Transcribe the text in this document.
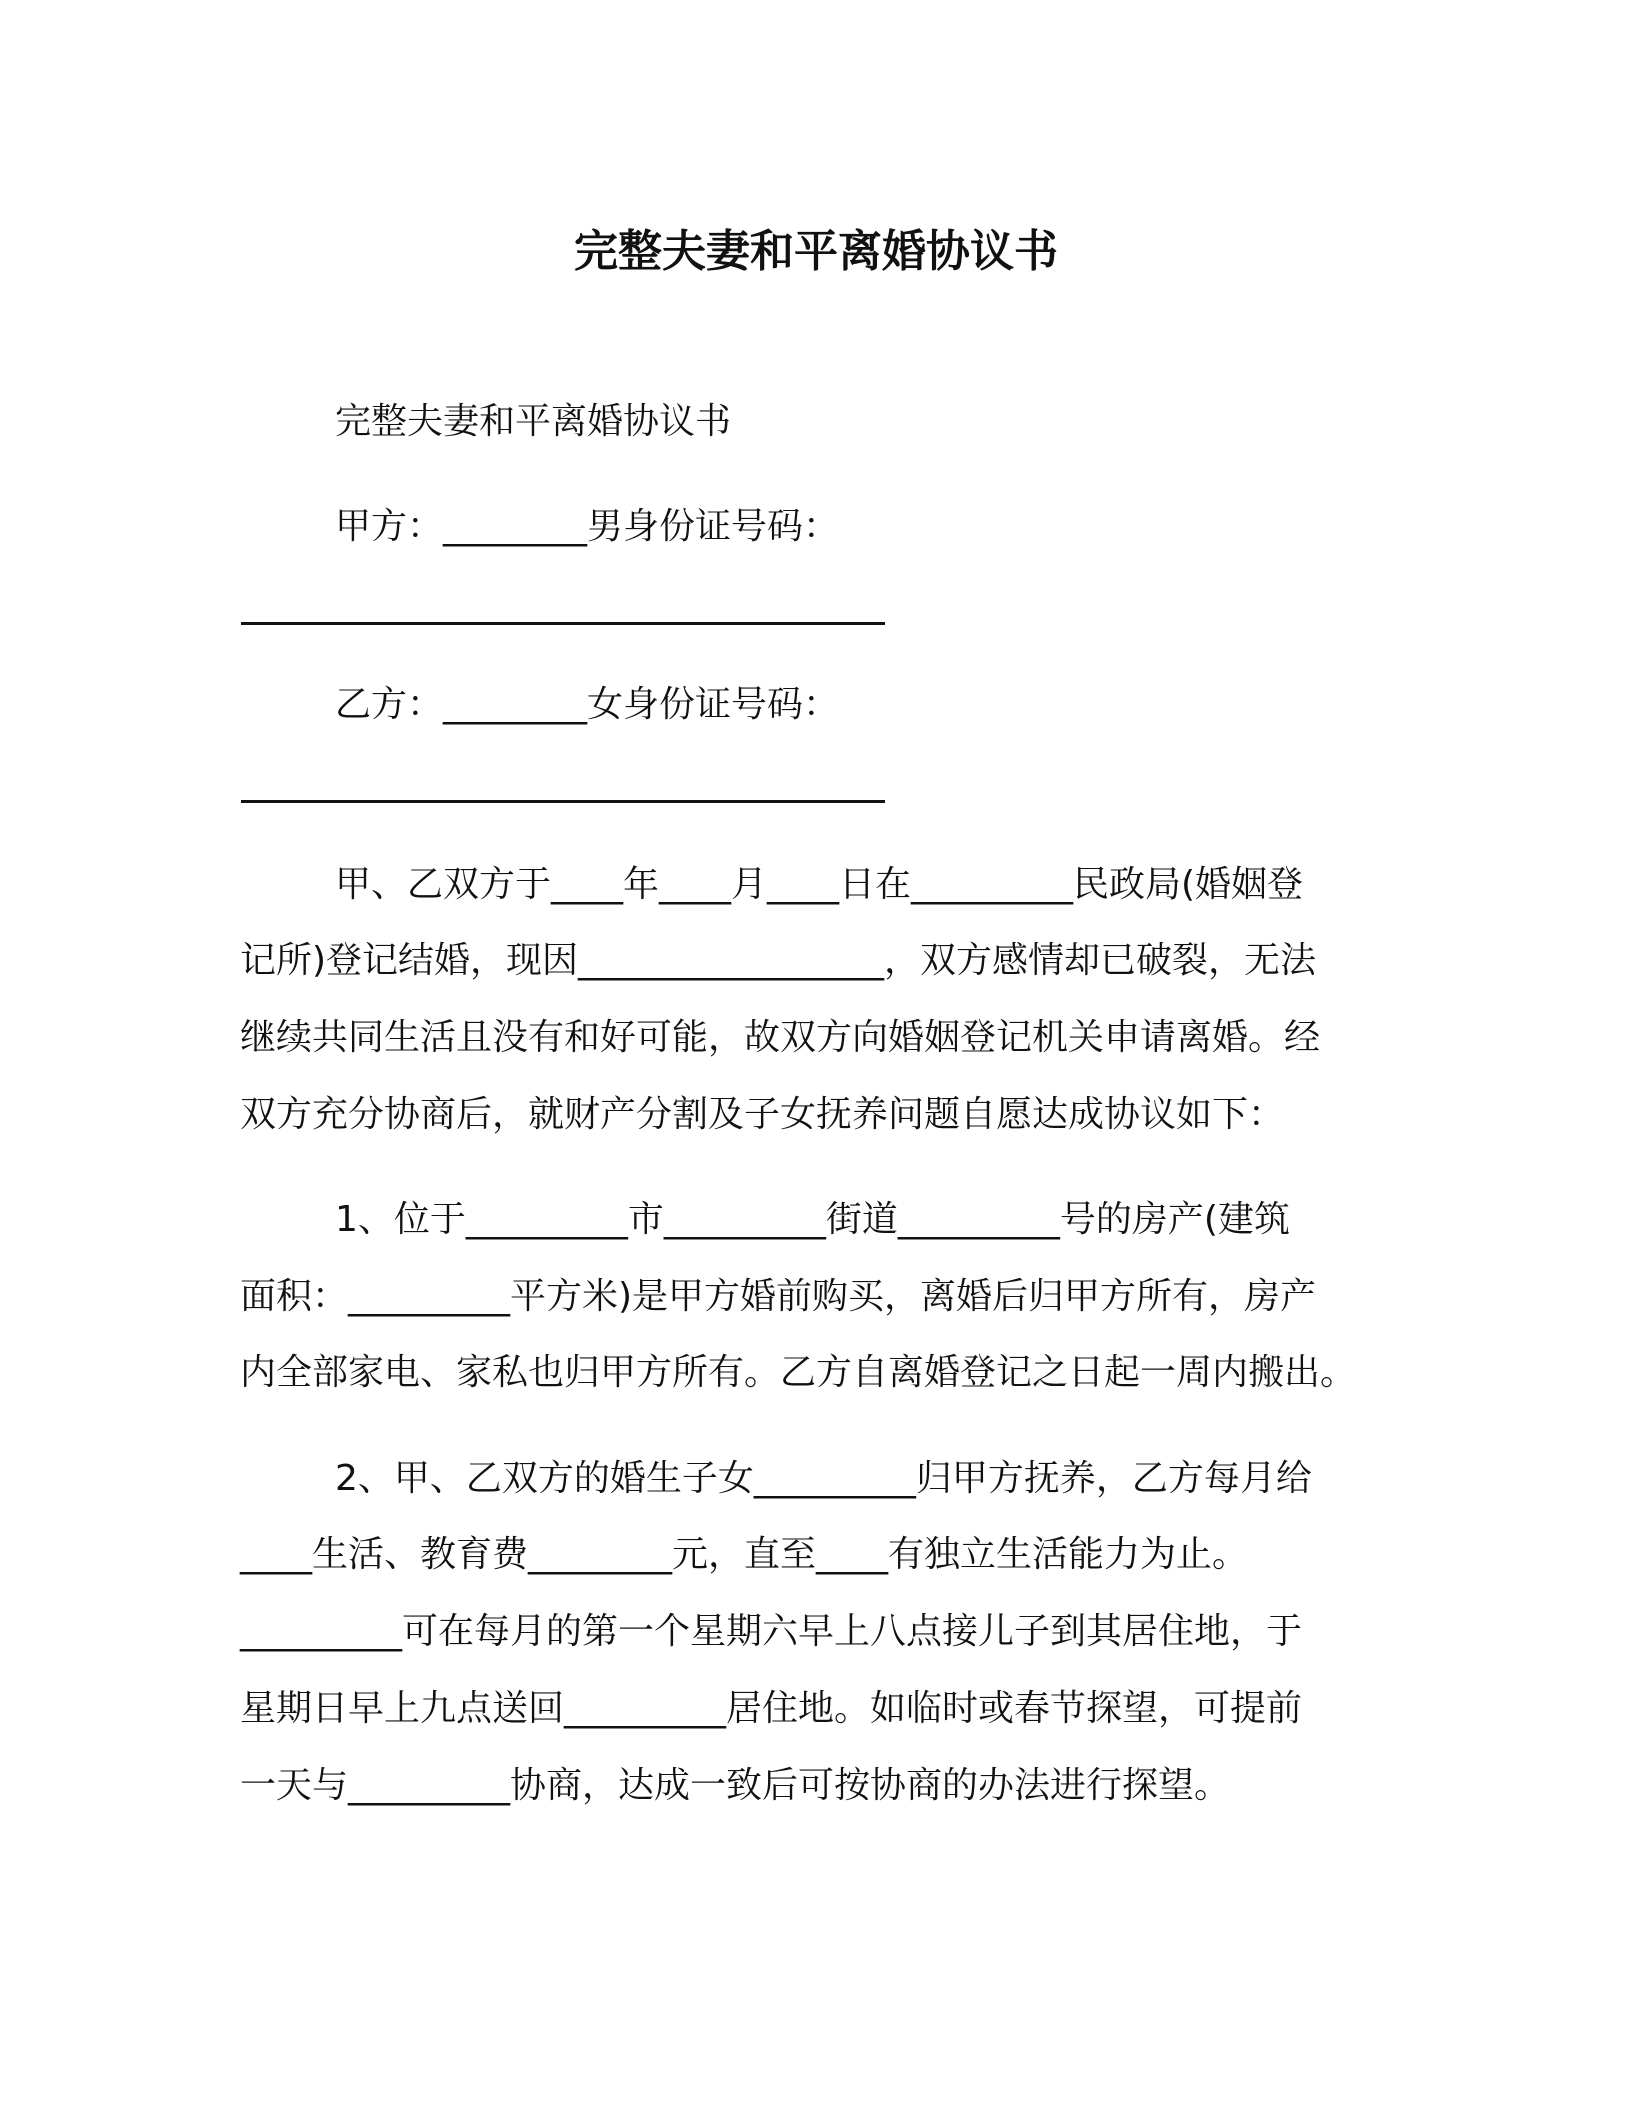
完整夫妻和平离婚协议书
完整夫妻和平离婚协议书
甲方：________男身份证号码：
乙方：________女身份证号码：
甲、乙双方于____年____月____日在_________民政局(婚姻登
记所)登记结婚，现因_________________，双方感情却已破裂，无法
继续共同生活且没有和好可能，故双方向婚姻登记机关申请离婚。经
双方充分协商后，就财产分割及子女抚养问题自愿达成协议如下：
1、位于_________市_________街道_________号的房产(建筑
面积：_________平方米)是甲方婚前购买，离婚后归甲方所有，房产
内全部家电、家私也归甲方所有。乙方自离婚登记之日起一周内搬出。
2、甲、乙双方的婚生子女_________归甲方抚养，乙方每月给
____生活、教育费________元，直至____有独立生活能力为止。
_________可在每月的第一个星期六早上八点接儿子到其居住地，于
星期日早上九点送回_________居住地。如临时或春节探望，可提前
一天与_________协商，达成一致后可按协商的办法进行探望。
